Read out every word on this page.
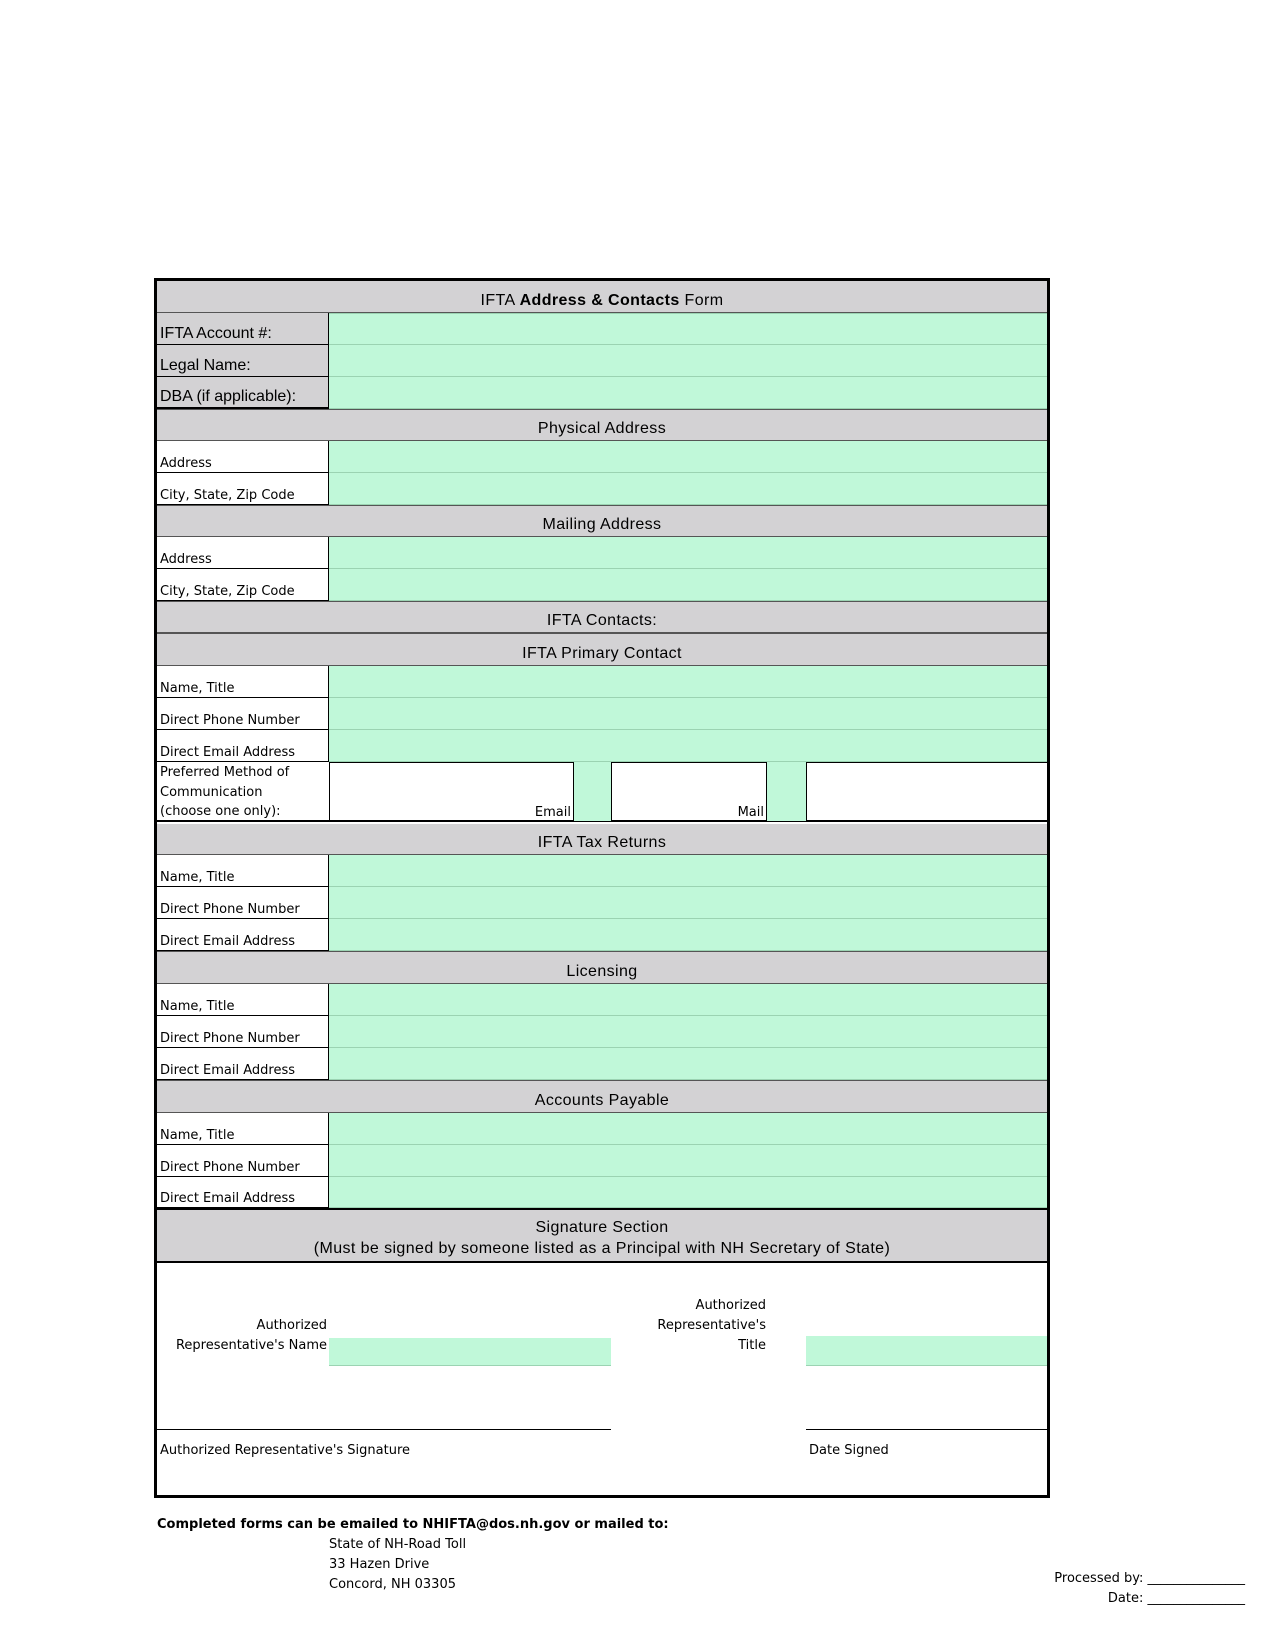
IFTA Address & Contacts Form
IFTA Account #:
Legal Name:
DBA (if applicable):
Physical Address
Address
City, State, Zip Code
Mailing Address
Address
City, State, Zip Code
IFTA Contacts:
IFTA Primary Contact
Name, Title
Direct Phone Number
Direct Email Address
Preferred Method of
Communication
(choose one only):	Email	Mail
IFTA Tax Returns
Name, Title
Direct Phone Number
Direct Email Address
Licensing
Name, Title
Direct Phone Number
Direct Email Address
Accounts Payable
Name, Title
Direct Phone Number
Direct Email Address
Signature Section
(Must be signed by someone listed as a Principal with NH Secretary of State)
Authorized
Representative's Name
Authorized
Representative's
Title
Authorized Representative's Signature	Date Signed
Completed forms can be emailed to NHIFTA@dos.nh.gov or mailed to:
State of NH-Road Toll
33 Hazen Drive
Concord, NH 03305	Processed by: _______________
Date: _______________
